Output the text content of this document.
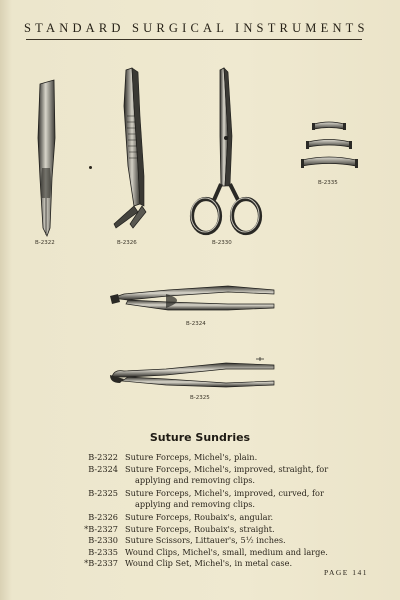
STANDARD SURGICAL INSTRUMENTS
B-2322	B-2326	B-2330
B-2335
B-2324
B-2325
Suture Sundries
B-2322 Suture Forceps, Michel's, plain.
B-2324 Suture Forceps, Michel's, improved, straight, for
applying and removing clips.
B-2325 Suture Forceps, Michel's, improved, curved, for
applying and removing clips.
B-2326 Suture Forceps, Roubaix's, angular.
*B-2327 Suture Forceps, Roubaix's, straight.
B-2330 Suture Scissors, Littauer's, 5½ inches.
B-2335 Wound Clips, Michel's, small, medium and large.
*B-2337 Wound Clip Set, Michel's, in metal case.
PAGE 141
